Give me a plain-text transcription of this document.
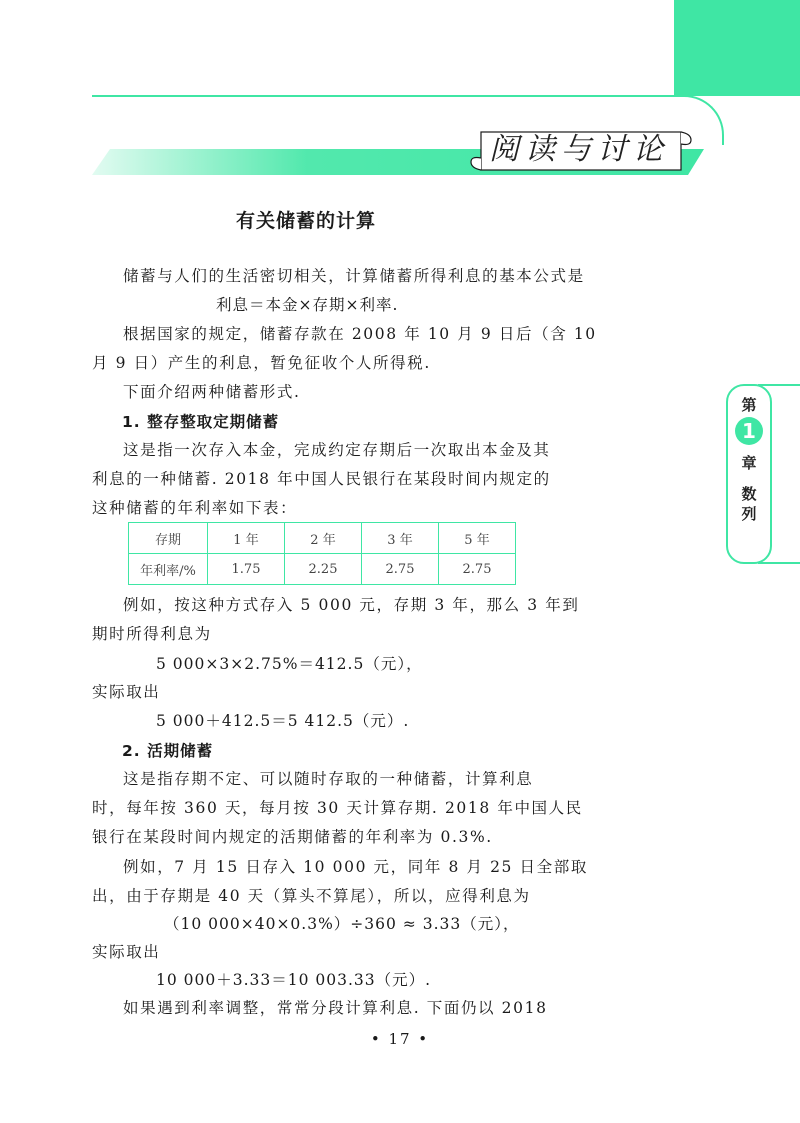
阅读与讨论
第
1
章
数列
有关储蓄的计算
储蓄与人们的生活密切相关，计算储蓄所得利息的基本公式是
利息＝本金×存期×利率.
根据国家的规定，储蓄存款在 2008 年 10 月 9 日后（含 10
月 9 日）产生的利息，暂免征收个人所得税.
下面介绍两种储蓄形式.
1. 整存整取定期储蓄
这是指一次存入本金，完成约定存期后一次取出本金及其
利息的一种储蓄. 2018 年中国人民银行在某段时间内规定的
这种储蓄的年利率如下表：
存期	1 年	2 年	3 年	5 年
年利率/%	1.75	2.25	2.75	2.75
例如，按这种方式存入 5 000 元，存期 3 年，那么 3 年到
期时所得利息为
5 000×3×2.75%＝412.5（元），
实际取出
5 000＋412.5＝5 412.5（元）.
2. 活期储蓄
这是指存期不定、可以随时存取的一种储蓄，计算利息
时，每年按 360 天，每月按 30 天计算存期. 2018 年中国人民
银行在某段时间内规定的活期储蓄的年利率为 0.3%.
例如，7 月 15 日存入 10 000 元，同年 8 月 25 日全部取
出，由于存期是 40 天（算头不算尾），所以，应得利息为
（10 000×40×0.3%）÷360 ≈ 3.33（元），
实际取出
10 000＋3.33＝10 003.33（元）.
如果遇到利率调整，常常分段计算利息. 下面仍以 2018
• 17 •
